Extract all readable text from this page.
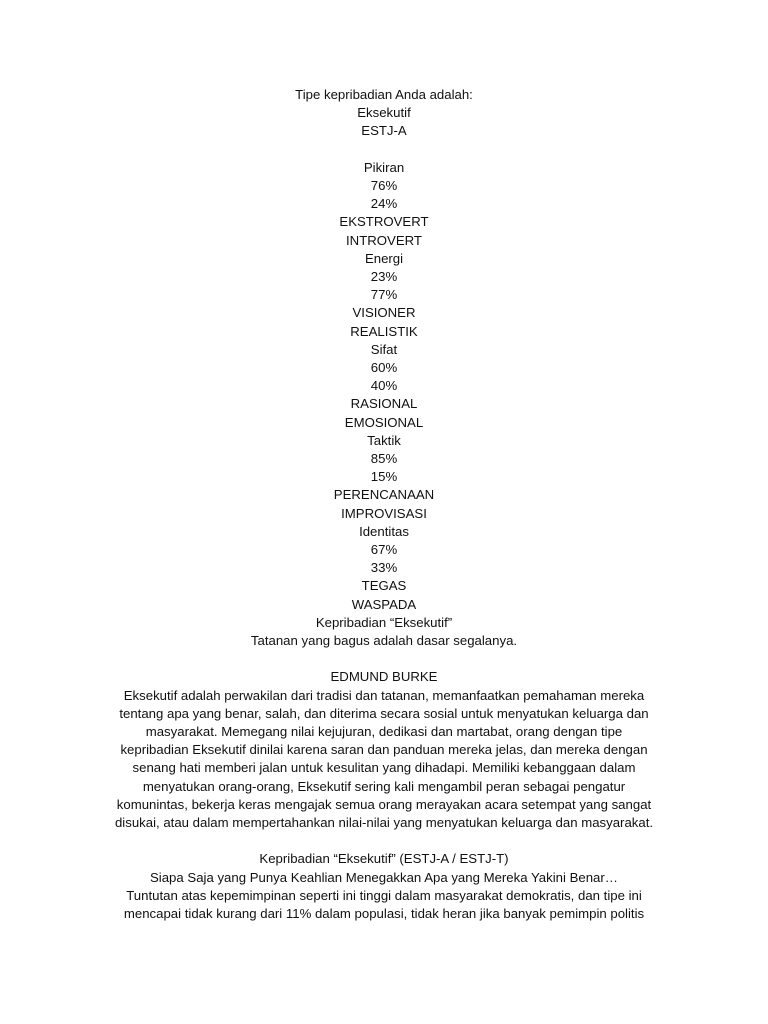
Tipe kepribadian Anda adalah:
Eksekutif
ESTJ-A
Pikiran
76%
24%
EKSTROVERT
INTROVERT
Energi
23%
77%
VISIONER
REALISTIK
Sifat
60%
40%
RASIONAL
EMOSIONAL
Taktik
85%
15%
PERENCANAAN
IMPROVISASI
Identitas
67%
33%
TEGAS
WASPADA
Kepribadian “Eksekutif”
Tatanan yang bagus adalah dasar segalanya.
EDMUND BURKE
Eksekutif adalah perwakilan dari tradisi dan tatanan, memanfaatkan pemahaman mereka
tentang apa yang benar, salah, dan diterima secara sosial untuk menyatukan keluarga dan
masyarakat. Memegang nilai kejujuran, dedikasi dan martabat, orang dengan tipe
kepribadian Eksekutif dinilai karena saran dan panduan mereka jelas, dan mereka dengan
senang hati memberi jalan untuk kesulitan yang dihadapi. Memiliki kebanggaan dalam
menyatukan orang-orang, Eksekutif sering kali mengambil peran sebagai pengatur
komunintas, bekerja keras mengajak semua orang merayakan acara setempat yang sangat
disukai, atau dalam mempertahankan nilai-nilai yang menyatukan keluarga dan masyarakat.
Kepribadian “Eksekutif” (ESTJ-A / ESTJ-T)
Siapa Saja yang Punya Keahlian Menegakkan Apa yang Mereka Yakini Benar…
Tuntutan atas kepemimpinan seperti ini tinggi dalam masyarakat demokratis, dan tipe ini
mencapai tidak kurang dari 11% dalam populasi, tidak heran jika banyak pemimpin politis
